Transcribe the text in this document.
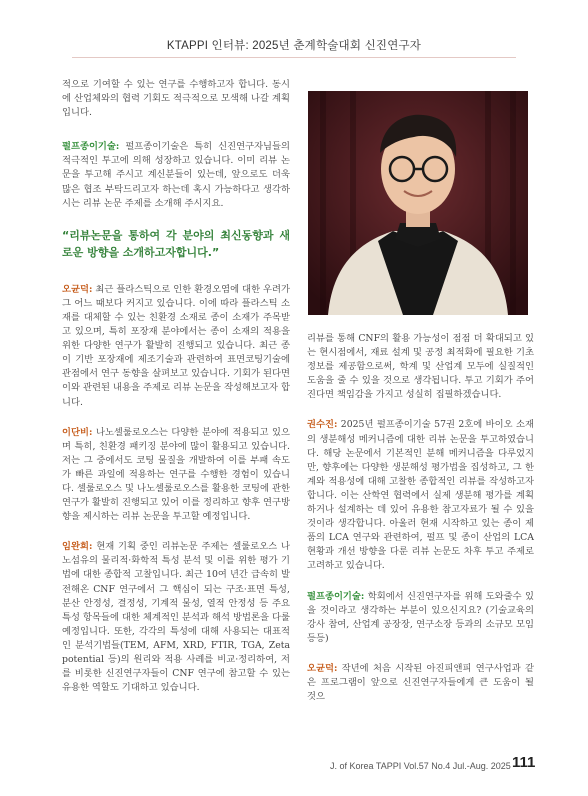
KTAPPI 인터뷰: 2025년 춘계학술대회 신진연구자

적으로 기여할 수 있는 연구를 수행하고자 합니다. 동시에 산업체와의 협력 기회도 적극적으로 모색해 나갈 계획입니다.

펄프종이기술: 펄프종이기술은 특히 신진연구자님들의 적극적인 투고에 의해 성장하고 있습니다. 이미 리뷰 논문을 투고해 주시고 계신분들이 있는데, 앞으로도 더욱 많은 협조 부탁드리고자 하는데 혹시 가능하다고 생각하시는 리뷰 논문 주제를 소개해 주시지요.

“리뷰논문을 통하여 각 분야의 최신동향과 새로운 방향을 소개하고자합니다.”

오균덕: 최근 플라스틱으로 인한 환경오염에 대한 우려가 그 어느 때보다 커지고 있습니다. 이에 따라 플라스틱 소재를 대체할 수 있는 친환경 소재로 종이 소재가 주목받고 있으며, 특히 포장재 분야에서는 종이 소재의 적용을 위한 다양한 연구가 활발히 진행되고 있습니다. 최근 종이 기반 포장재에 제조기술과 관련하여 표면코팅기술에 관점에서 연구 동향을 살펴보고 있습니다. 기회가 된다면 이와 관련된 내용을 주제로 리뷰 논문을 작성해보고자 합니다.

이단비: 나노셀룰로오스는 다양한 분야에 적용되고 있으며 특히, 친환경 패키징 분야에 많이 활용되고 있습니다. 저는 그 중에서도 코팅 물질을 개발하여 이를 부패 속도가 빠른 과일에 적용하는 연구를 수행한 경험이 있습니다. 셀룰로오스 및 나노셀룰로오스를 활용한 코팅에 관한 연구가 활발히 진행되고 있어 이를 정리하고 향후 연구방향을 제시하는 리뷰 논문을 투고할 예정입니다.

임완희: 현재 기획 중인 리뷰논문 주제는 셀룰로오스 나노섬유의 물리적·화학적 특성 분석 및 이를 위한 평가 기법에 대한 종합적 고찰입니다. 최근 10여 년간 급속히 발전해온 CNF 연구에서 그 핵심이 되는 구조·표면 특성, 분산 안정성, 결정성, 기계적 물성, 열적 안정성 등 주요 특성 항목들에 대한 체계적인 분석과 해석 방법론을 다룰 예정입니다. 또한, 각각의 특성에 대해 사용되는 대표적인 분석기법들(TEM, AFM, XRD, FTIR, TGA, Zeta potential 등)의 원리와 적용 사례를 비교·정리하여, 저를 비롯한 신진연구자들이 CNF 연구에 참고할 수 있는 유용한 역할도 기대하고 있습니다.

리뷰를 통해 CNF의 활용 가능성이 점점 더 확대되고 있는 현시점에서, 재료 설계 및 공정 최적화에 필요한 기초정보를 제공함으로써, 학계 및 산업계 모두에 실질적인 도움을 줄 수 있을 것으로 생각됩니다. 투고 기회가 주어진다면 책임감을 가지고 성실히 집필하겠습니다.

권수진: 2025년 펄프종이기술 57권 2호에 바이오 소재의 생분해성 메커니즘에 대한 리뷰 논문을 투고하였습니다. 해당 논문에서 기본적인 분해 메커니즘을 다루었지만, 향후에는 다양한 생분해성 평가법을 집성하고, 그 한계와 적용성에 대해 고찰한 종합적인 리뷰를 작성하고자 합니다. 이는 산학연 협력에서 실제 생분해 평가를 계획하거나 설계하는 데 있어 유용한 참고자료가 될 수 있을 것이라 생각합니다. 아울러 현재 시작하고 있는 종이 제품의 LCA 연구와 관련하여, 펄프 및 종이 산업의 LCA 현황과 개선 방향을 다룬 리뷰 논문도 차후 투고 주제로 고려하고 있습니다.

펄프종이기술: 학회에서 신진연구자를 위해 도와줄수 있을 것이라고 생각하는 부분이 있으신지요? (기술교육의 강사 참여, 산업계 공장장, 연구소장 등과의 소규모 모임 등등)

오균덕: 작년에 처음 시작된 아진피앤피 연구사업과 같은 프로그램이 앞으로 신진연구자들에게 큰 도움이 될 것으

J. of Korea TAPPI Vol.57 No.4 Jul.-Aug. 2025 111
